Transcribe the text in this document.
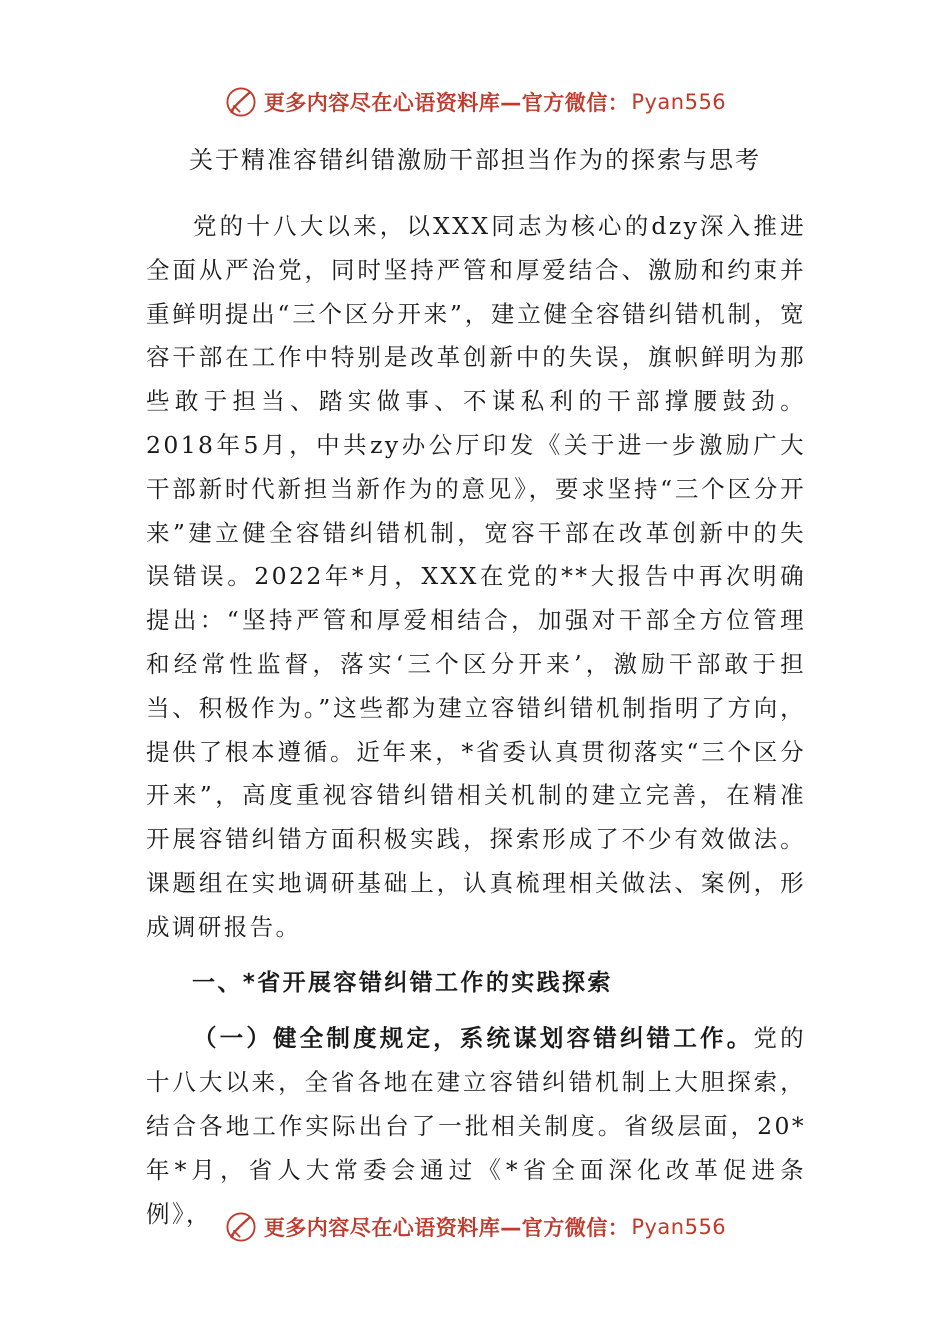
更多内容尽在心语资料库—官方微信： Pyan556
关于精准容错纠错激励干部担当作为的探索与思考

党的十八大以来，以XXX同志为核心的dzy深入推进全面从严治党，同时坚持严管和厚爱结合、激励和约束并重鲜明提出“三个区分开来”，建立健全容错纠错机制，宽容干部在工作中特别是改革创新中的失误，旗帜鲜明为那些敢于担当、踏实做事、不谋私利的干部撑腰鼓劲。2018年5月，中共zy办公厅印发《关于进一步激励广大干部新时代新担当新作为的意见》，要求坚持“三个区分开来”建立健全容错纠错机制，宽容干部在改革创新中的失误错误。2022年*月，XXX在党的**大报告中再次明确提出：“坚持严管和厚爱相结合，加强对干部全方位管理和经常性监督，落实‘三个区分开来’，激励干部敢于担当、积极作为。”这些都为建立容错纠错机制指明了方向，提供了根本遵循。近年来，*省委认真贯彻落实“三个区分开来”，高度重视容错纠错相关机制的建立完善，在精准开展容错纠错方面积极实践，探索形成了不少有效做法。课题组在实地调研基础上，认真梳理相关做法、案例，形成调研报告。

一、*省开展容错纠错工作的实践探索

（一）健全制度规定，系统谋划容错纠错工作。党的十八大以来，全省各地在建立容错纠错机制上大胆探索，结合各地工作实际出台了一批相关制度。省级层面，20*年*月，省人大常委会通过《*省全面深化改革促进条例》，

更多内容尽在心语资料库—官方微信： Pyan556
